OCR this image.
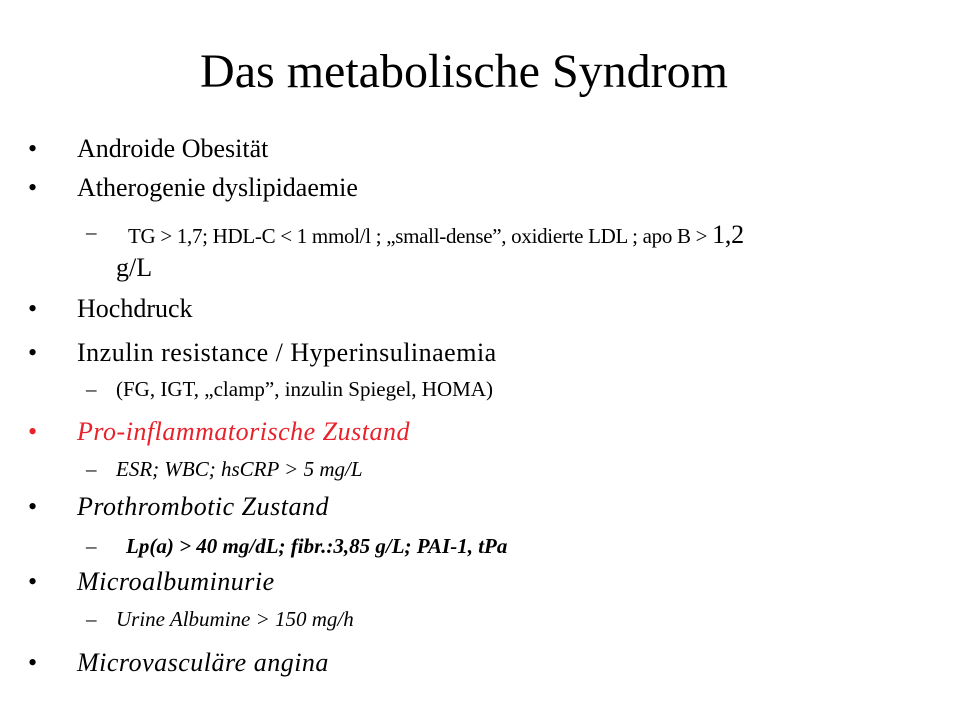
Das metabolische Syndrom
• Androide Obesität
• Atherogenie dyslipidaemie
– TG > 1,7; HDL-C < 1 mmol/l ; „small-dense”, oxidierte LDL ; apo B > 1,2
g/L
• Hochdruck
• Inzulin resistance / Hyperinsulinaemia
– (FG, IGT, „clamp”, inzulin Spiegel, HOMA)
• Pro-inflammatorische Zustand
– ESR; WBC; hsCRP > 5 mg/L
• Prothrombotic Zustand
– Lp(a) > 40 mg/dL; fibr.:3,85 g/L; PAI-1, tPa
• Microalbuminurie
– Urine Albumine > 150 mg/h
• Microvasculäre angina
